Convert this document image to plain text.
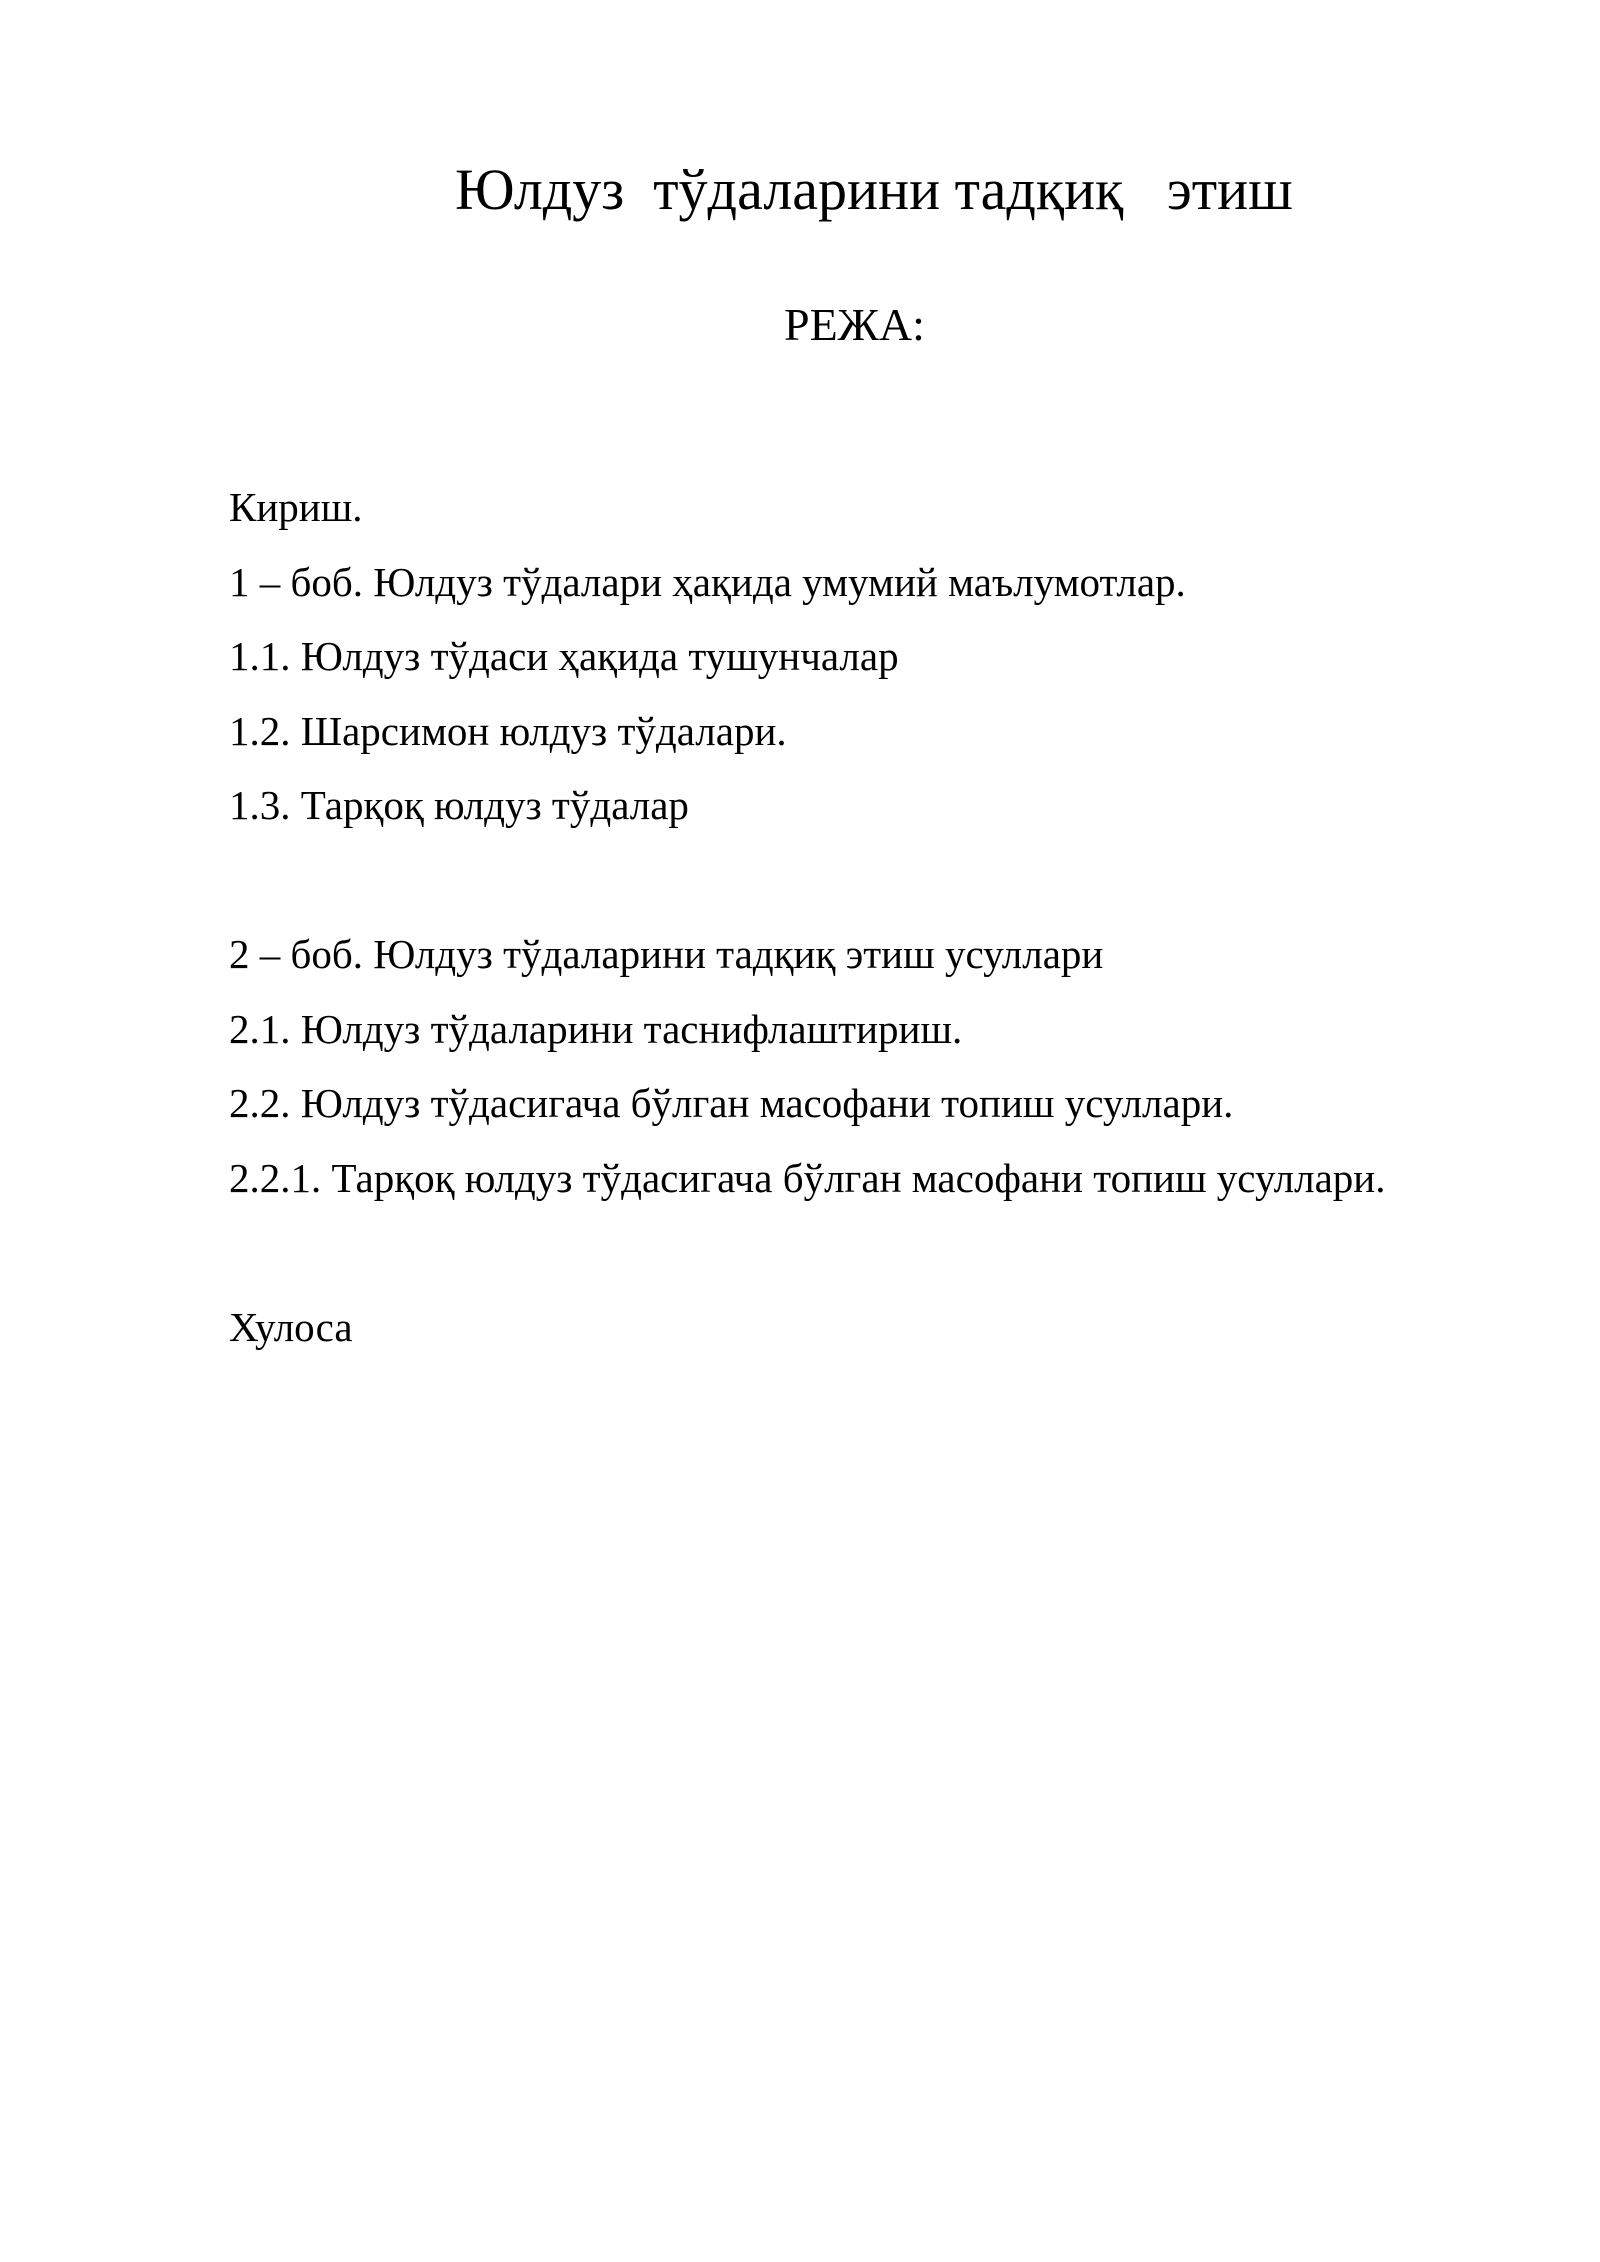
Юлдуз  тўдаларини тадқиқ   этиш

РЕЖА:

Кириш.
1 – боб. Юлдуз тўдалари ҳақида умумий маълумотлар.
1.1. Юлдуз тўдаси ҳақида тушунчалар
1.2. Шарсимон юлдуз тўдалари.
1.3. Тарқоқ юлдуз тўдалар
2 – боб. Юлдуз тўдаларини тадқиқ этиш усуллари
2.1. Юлдуз тўдаларини таснифлаштириш.
2.2. Юлдуз тўдасигача бўлган масофани топиш усуллари.
2.2.1. Тарқоқ юлдуз тўдасигача бўлган масофани топиш усуллари.
Хулоса
